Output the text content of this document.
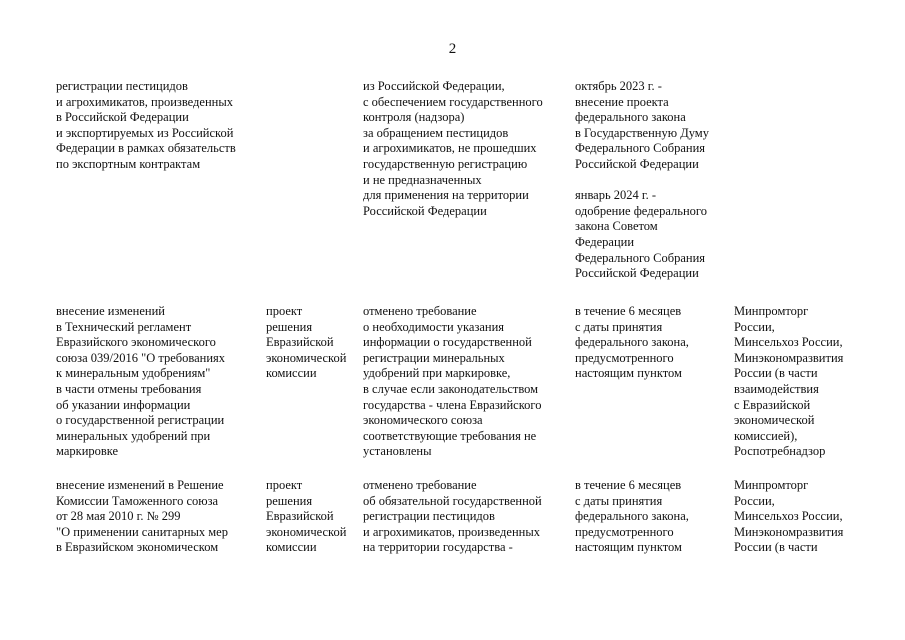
2
регистрации пестицидов
и агрохимикатов, произведенных
в Российской Федерации
и экспортируемых из Российской
Федерации в рамках обязательств
по экспортным контрактам
из Российской Федерации,
с обеспечением государственного
контроля (надзора)
за обращением пестицидов
и агрохимикатов, не прошедших
государственную регистрацию
и не предназначенных
для применения на территории
Российской Федерации
октябрь 2023 г. -
внесение проекта
федерального закона
в Государственную Думу
Федерального Собрания
Российской Федерации

январь 2024 г. -
одобрение федерального
закона Советом
Федерации
Федерального Собрания
Российской Федерации
внесение изменений
в Технический регламент
Евразийского экономического
союза 039/2016 "О требованиях
к минеральным удобрениям"
в части отмены требования
об указании информации
о государственной регистрации
минеральных удобрений при
маркировке
проект
решения
Евразийской
экономической
комиссии
отменено требование
о необходимости указания
информации о государственной
регистрации минеральных
удобрений при маркировке,
в случае если законодательством
государства - члена Евразийского
экономического союза
соответствующие требования не
установлены
в течение 6 месяцев
с даты принятия
федерального закона,
предусмотренного
настоящим пунктом
Минпромторг
России,
Минсельхоз России,
Минэкономразвития
России (в части
взаимодействия
с Евразийской
экономической
комиссией),
Роспотребнадзор
внесение изменений в Решение
Комиссии Таможенного союза
от 28 мая 2010 г. № 299
"О применении санитарных мер
в Евразийском экономическом
проект
решения
Евразийской
экономической
комиссии
отменено требование
об обязательной государственной
регистрации пестицидов
и агрохимикатов, произведенных
на территории государства -
в течение 6 месяцев
с даты принятия
федерального закона,
предусмотренного
настоящим пунктом
Минпромторг
России,
Минсельхоз России,
Минэкономразвития
России (в части
